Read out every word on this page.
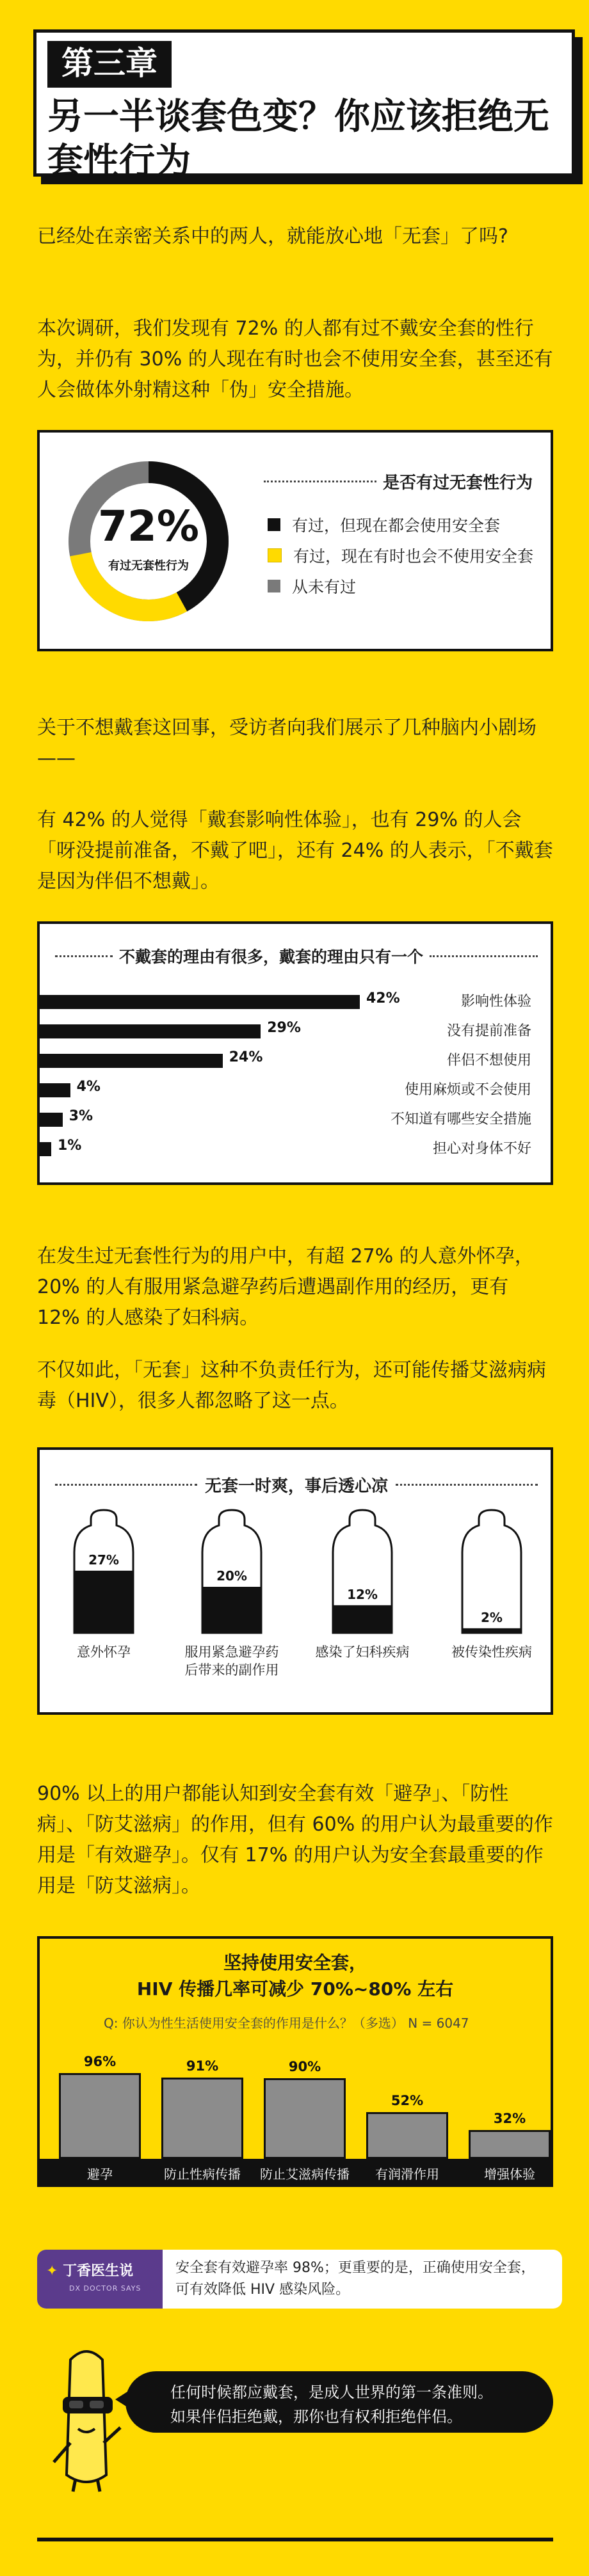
第三章
另一半谈套色变？你应该拒绝无
套性行为
已经处在亲密关系中的两人，就能放心地「无套」了吗?
本次调研，我们发现有 72% 的人都有过不戴安全套的性行为，并仍有 30% 的人现在有时也会不使用安全套，甚至还有人会做体外射精这种「伪」安全措施。
72%
有过无套性行为
是否有过无套性行为
有过，但现在都会使用安全套
有过，现在有时也会不使用安全套
从未有过
关于不想戴套这回事，受访者向我们展示了几种脑内小剧场——
有 42% 的人觉得「戴套影响性体验」，也有 29% 的人会「呀没提前准备，不戴了吧」，还有 24% 的人表示，「不戴套是因为伴侣不想戴」。
不戴套的理由有很多，戴套的理由只有一个
42%	影响性体验
29%	没有提前准备
24%	伴侣不想使用
4%	使用麻烦或不会使用
3%	不知道有哪些安全措施
1%	担心对身体不好
在发生过无套性行为的用户中，有超 27% 的人意外怀孕， 20% 的人有服用紧急避孕药后遭遇副作用的经历，更有 12% 的人感染了妇科病。
不仅如此，「无套」这种不负责任行为，还可能传播艾滋病病毒（HIV），很多人都忽略了这一点。
无套一时爽，事后透心凉
27%
意外怀孕
20%
服用紧急避孕药
后带来的副作用
12%
感染了妇科疾病
2%
被传染性疾病
90% 以上的用户都能认知到安全套有效「避孕」、「防性病」、「防艾滋病」的作用，但有 60% 的用户认为最重要的作用是「有效避孕」。仅有 17% 的用户认为安全套最重要的作用是「防艾滋病」。
坚持使用安全套，
HIV 传播几率可减少 70%~80% 左右
Q: 你认为性生活使用安全套的作用是什么？（多选） N = 6047
96%
避孕
91%
防止性病传播
90%
防止艾滋病传播
52%
有润滑作用
32%
增强体验
✦ 丁香医生说
DX DOCTOR SAYS
安全套有效避孕率 98%；更重要的是，正确使用安全套，可有效降低 HIV 感染风险。
任何时候都应戴套，是成人世界的第一条准则。
如果伴侣拒绝戴，那你也有权利拒绝伴侣。
